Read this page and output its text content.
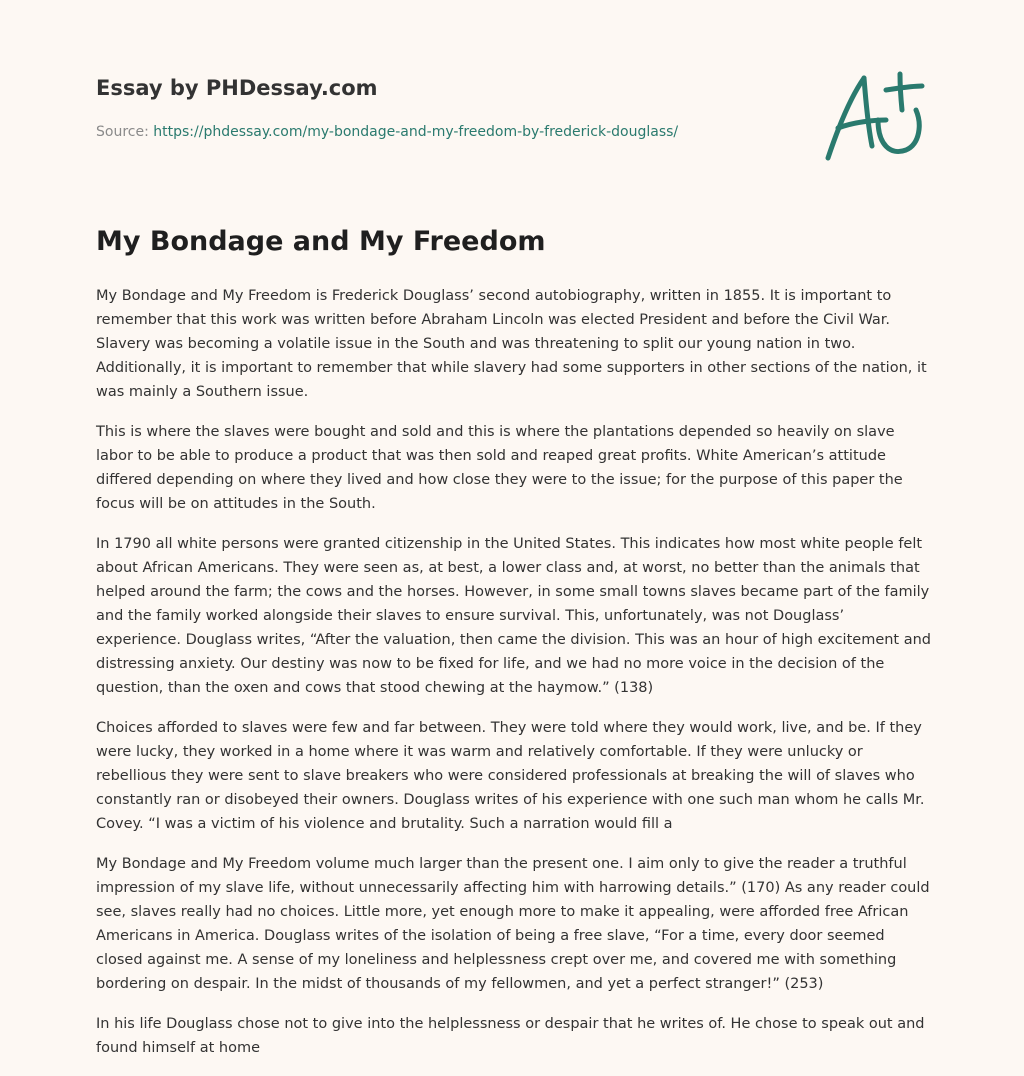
Essay by PHDessay.com
Source: https://phdessay.com/my-bondage-and-my-freedom-by-frederick-douglass/
My Bondage and My Freedom

My Bondage and My Freedom is Frederick Douglass’ second autobiography, written in 1855. It is important to remember that this work was written before Abraham Lincoln was elected President and before the Civil War. Slavery was becoming a volatile issue in the South and was threatening to split our young nation in two. Additionally, it is important to remember that while slavery had some supporters in other sections of the nation, it was mainly a Southern issue.

This is where the slaves were bought and sold and this is where the plantations depended so heavily on slave labor to be able to produce a product that was then sold and reaped great profits. White American’s attitude differed depending on where they lived and how close they were to the issue; for the purpose of this paper the focus will be on attitudes in the South.

In 1790 all white persons were granted citizenship in the United States. This indicates how most white people felt about African Americans. They were seen as, at best, a lower class and, at worst, no better than the animals that helped around the farm; the cows and the horses. However, in some small towns slaves became part of the family and the family worked alongside their slaves to ensure survival. This, unfortunately, was not Douglass’ experience. Douglass writes, “After the valuation, then came the division. This was an hour of high excitement and distressing anxiety. Our destiny was now to be fixed for life, and we had no more voice in the decision of the question, than the oxen and cows that stood chewing at the haymow.” (138)

Choices afforded to slaves were few and far between. They were told where they would work, live, and be. If they were lucky, they worked in a home where it was warm and relatively comfortable. If they were unlucky or rebellious they were sent to slave breakers who were considered professionals at breaking the will of slaves who constantly ran or disobeyed their owners. Douglass writes of his experience with one such man whom he calls Mr. Covey. “I was a victim of his violence and brutality. Such a narration would fill a

My Bondage and My Freedom volume much larger than the present one. I aim only to give the reader a truthful impression of my slave life, without unnecessarily affecting him with harrowing details.” (170) As any reader could see, slaves really had no choices. Little more, yet enough more to make it appealing, were afforded free African Americans in America. Douglass writes of the isolation of being a free slave, “For a time, every door seemed closed against me. A sense of my loneliness and helplessness crept over me, and covered me with something bordering on despair. In the midst of thousands of my fellowmen, and yet a perfect stranger!” (253)

In his life Douglass chose not to give into the helplessness or despair that he writes of. He chose to speak out and found himself at home
